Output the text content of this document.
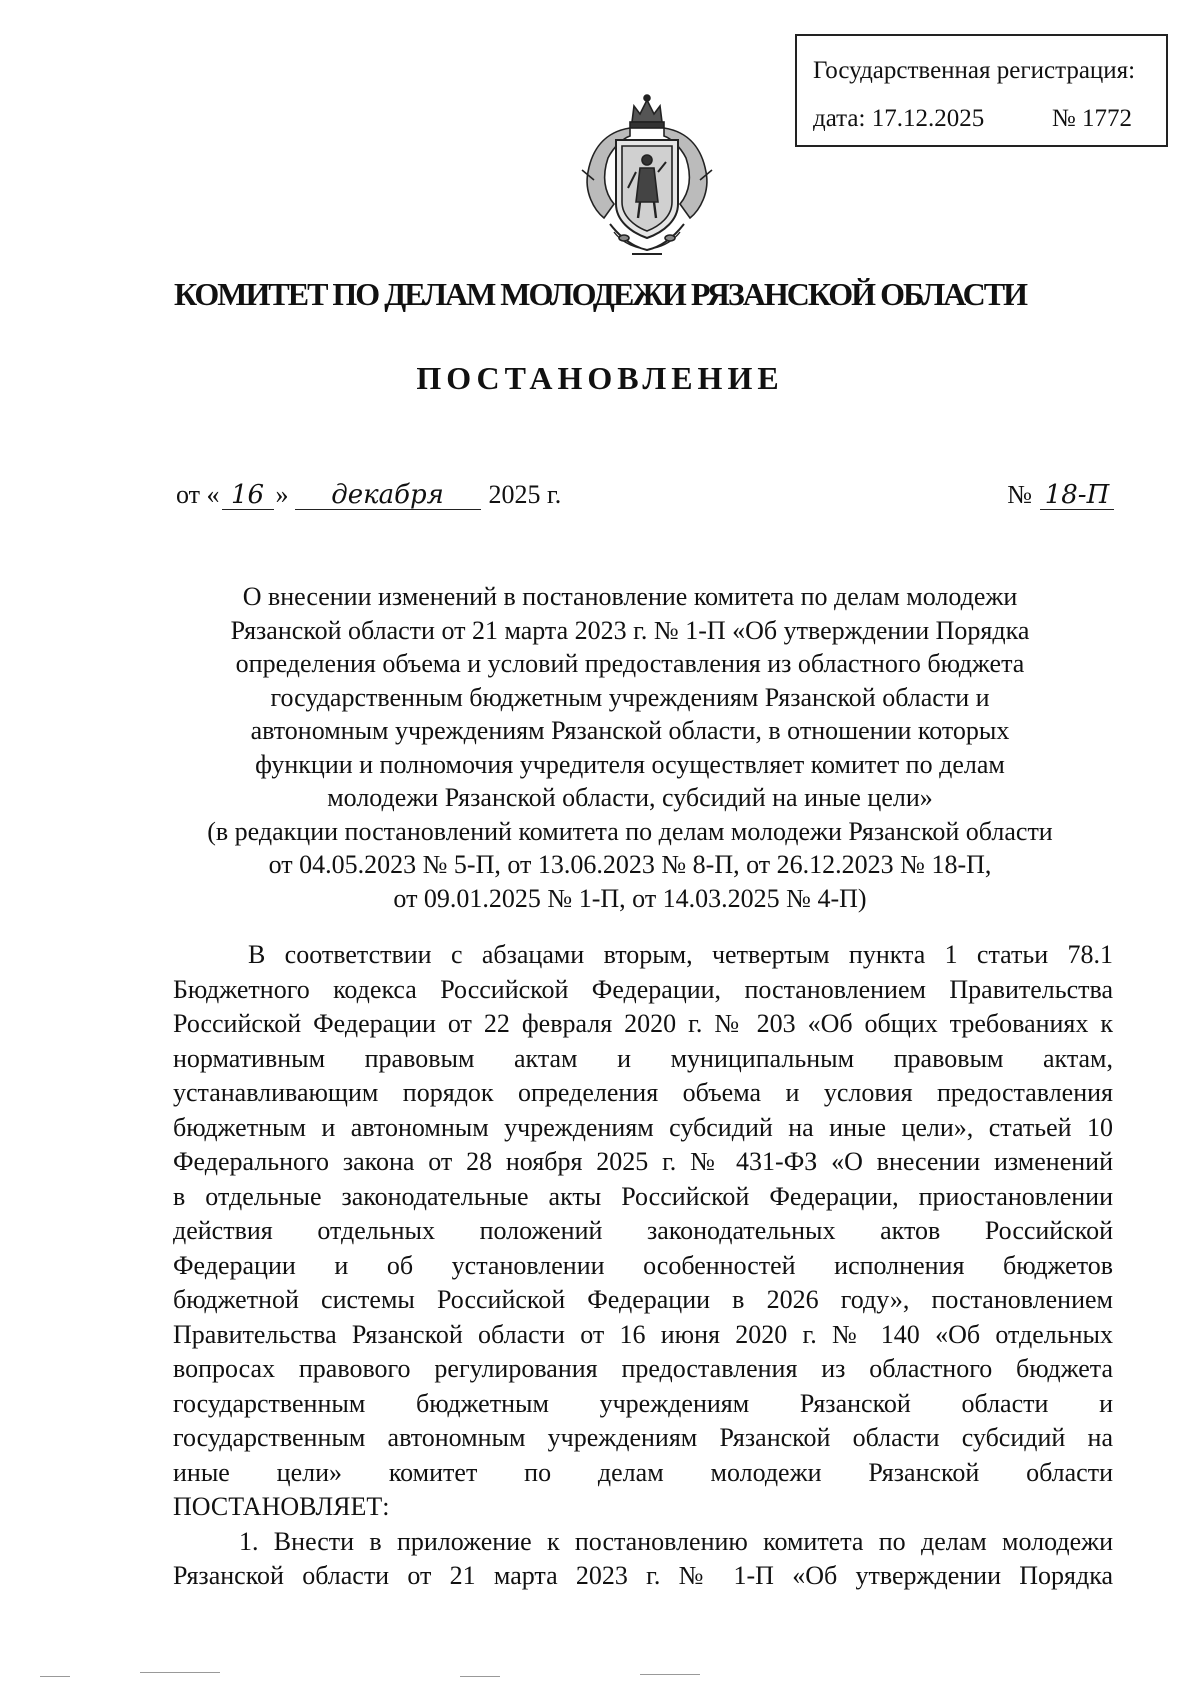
Государственная регистрация:
дата: 17.12.2025	№ 1772
КОМИТЕТ ПО ДЕЛАМ МОЛОДЕЖИ РЯЗАНСКОЙ ОБЛАСТИ
ПОСТАНОВЛЕНИЕ
от « 16 » декабря 2025 г.	№ 18-П
О внесении изменений в постановление комитета по делам молодежи
Рязанской области от 21 марта 2023 г. № 1-П «Об утверждении Порядка
определения объема и условий предоставления из областного бюджета
государственным бюджетным учреждениям Рязанской области и
автономным учреждениям Рязанской области, в отношении которых
функции и полномочия учредителя осуществляет комитет по делам
молодежи Рязанской области, субсидий на иные цели»
(в редакции постановлений комитета по делам молодежи Рязанской области
от 04.05.2023 № 5-П, от 13.06.2023 № 8-П, от 26.12.2023 № 18-П,
от 09.01.2025 № 1-П, от 14.03.2025 № 4-П)
В соответствии с абзацами вторым, четвертым пункта 1 статьи 78.1
Бюджетного кодекса Российской Федерации, постановлением Правительства
Российской Федерации от 22 февраля 2020 г. № 203 «Об общих требованиях к
нормативным правовым актам и муниципальным правовым актам,
устанавливающим порядок определения объема и условия предоставления
бюджетным и автономным учреждениям субсидий на иные цели», статьей 10
Федерального закона от 28 ноября 2025 г. № 431-ФЗ «О внесении изменений
в отдельные законодательные акты Российской Федерации, приостановлении
действия отдельных положений законодательных актов Российской
Федерации и об установлении особенностей исполнения бюджетов
бюджетной системы Российской Федерации в 2026 году», постановлением
Правительства Рязанской области от 16 июня 2020 г. № 140 «Об отдельных
вопросах правового регулирования предоставления из областного бюджета
государственным бюджетным учреждениям Рязанской области и
государственным автономным учреждениям Рязанской области субсидий на
иные цели» комитет по делам молодежи Рязанской области
ПОСТАНОВЛЯЕТ:
1. Внести в приложение к постановлению комитета по делам молодежи
Рязанской области от 21 марта 2023 г. № 1-П «Об утверждении Порядка
